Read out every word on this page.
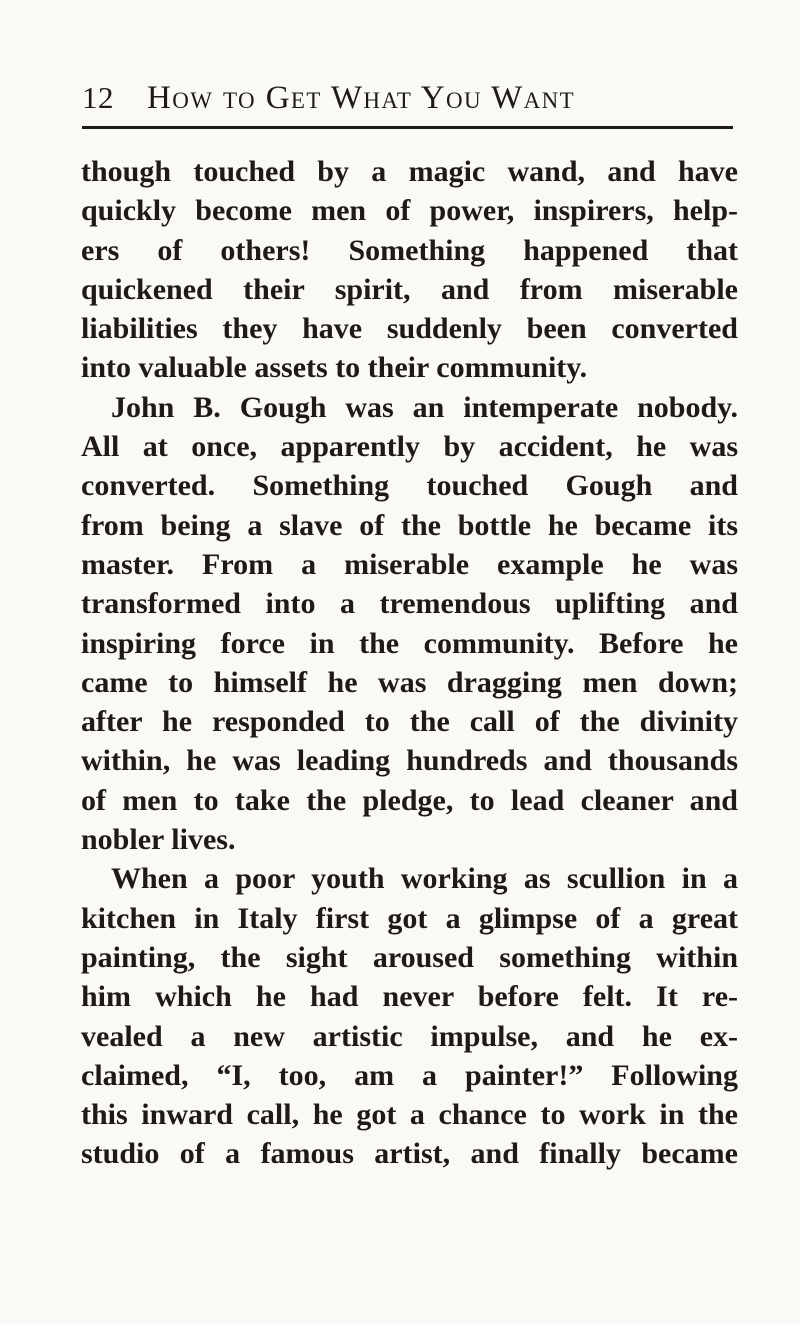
12 How to Get What You Want
though touched by a magic wand, and have
quickly become men of power, inspirers, help-
ers of others! Something happened that
quickened their spirit, and from miserable
liabilities they have suddenly been converted
into valuable assets to their community.
John B. Gough was an intemperate nobody.
All at once, apparently by accident, he was
converted. Something touched Gough and
from being a slave of the bottle he became its
master. From a miserable example he was
transformed into a tremendous uplifting and
inspiring force in the community. Before he
came to himself he was dragging men down;
after he responded to the call of the divinity
within, he was leading hundreds and thousands
of men to take the pledge, to lead cleaner and
nobler lives.
When a poor youth working as scullion in a
kitchen in Italy first got a glimpse of a great
painting, the sight aroused something within
him which he had never before felt. It re-
vealed a new artistic impulse, and he ex-
claimed, “I, too, am a painter!” Following
this inward call, he got a chance to work in the
studio of a famous artist, and finally became
